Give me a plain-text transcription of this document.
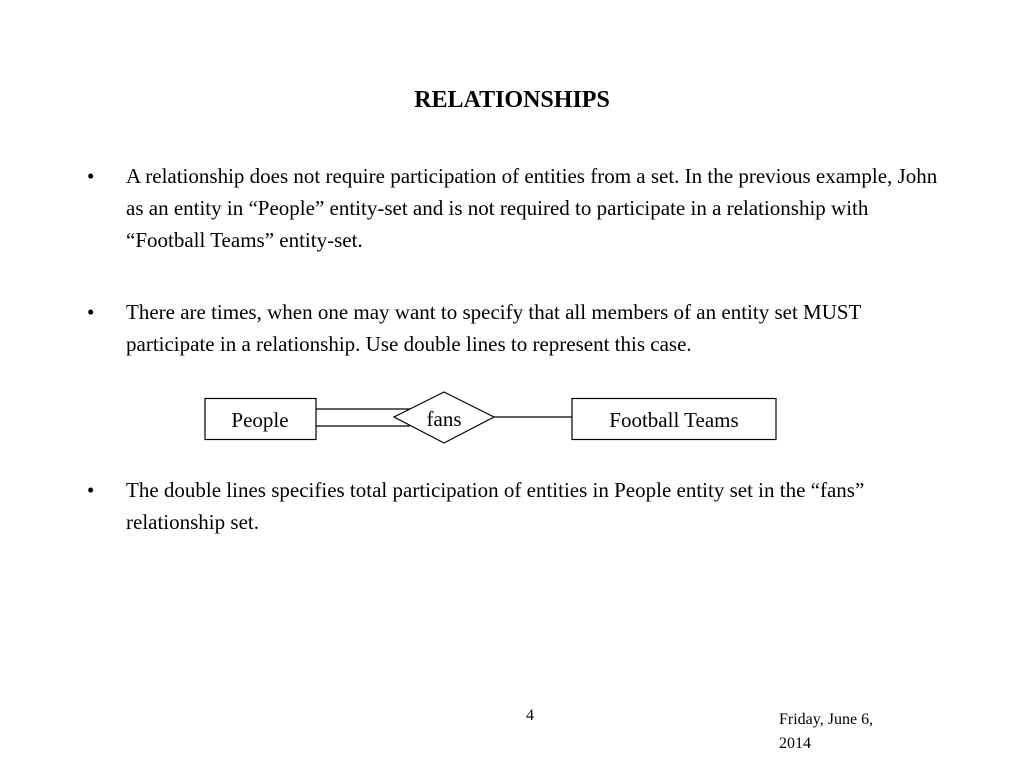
RELATIONSHIPS
• A relationship does not require participation of entities from a set. In the previous example, John as an entity in “People” entity-set and is not required to participate in a relationship with “Football Teams” entity-set.
• There are times, when one may want to specify that all members of an entity set MUST participate in a relationship. Use double lines to represent this case.
People	fans	Football Teams
• The double lines specifies total participation of entities in People entity set in the “fans” relationship set.
4	Friday, June 6, 2014
